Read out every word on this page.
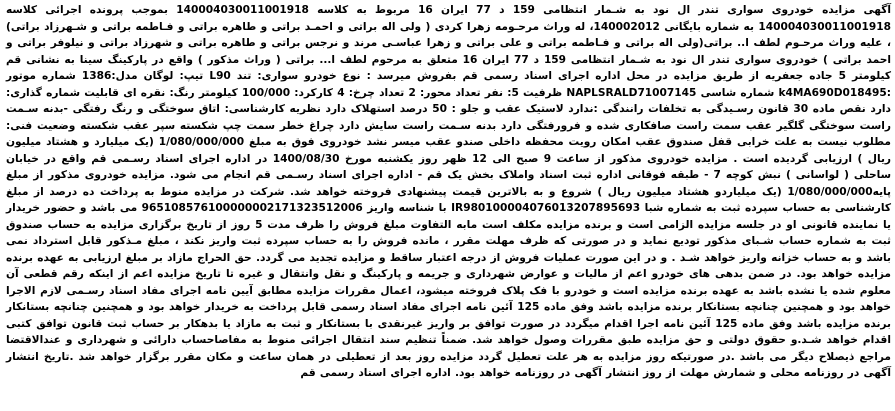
آگهی مزایده خودروی سواری تندر ال نود به شـمار انتظامی 159 د 77 ایران 16 مربوط به کلاسه 140004030011001918 بموجب پرونده اجرائی کلاسه 140004030011001918 به شماره بایگانی 140002012، له وراث مرحـومه زهرا کردی ( ولی اله براتی و احمـد براتی و طاهره براتی و فـاطمه براتی و شـهرزاد براتی) ، علیه وراث مرحـوم لطف ا.. براتی(ولی اله براتی و فـاطمه براتی و علی براتی و زهرا عباسـی مرند و نرجس براتی و طاهره براتی و شهرزاد براتی و نیلوفر براتی و احمد براتی ) خودروی سواری تندر ال نود به شـمار انتظامی 159 د 77 ایران 16 متعلق به مرحوم لطف ا... براتی ( وراث مذکور ) واقع در پارکینگ سینا به نشانی قم کیلومتر 5 جاده جعفریه از طریق مزایده در محل اداره اجرای اسناد رسمی قم بفروش میرسد : نوع خودرو سواری: تند L90 تیپ: لوگان مدل:1386 شماره موتور :k4MA690D018495 شماره شاسی NAPLSRALD71007145 ظرفیت 5: نفر تعداد محور: 2 تعداد چرخ: 4 کارکرد: 100/000 کیلومتر رنگ: نقره ای قابلیت شماره گذاری: دارد نقص ماده 30 قانون رسـیدگی به تخلفات رانندگی :ندارد لاستیک عقب و جلو : 50 درصد استهلاک دارد نظریه کارشناسی: اتاق سوختگی و رنگ رفتگی -بدنه سـمت راست سوختگی گلگیر عقب سمت راست صافکاری شده و فرورفتگی دارد بدنه سـمت راست سایش دارد چراغ خطر سمت چپ شکسته سپر عقب شکسته وضعیت فنی: مطلوب نیست به علت خرابی قفل صندوق عقب امکان رویت محفظه داخلی صندو عقب میسر نشد خودروی فوق به مبلغ 1/080/000/000 (یک میلیارد و هشتاد میلیون ریال ) ارزیابی گردیده است . مزایده خودروی مذکور از ساعت 9 صبح الی 12 ظهر روز یکشنبه مورخ 1400/08/30 در اداره اجرای اسناد رسـمی قم واقع در خیابان ساحلی ( لواسانی ) نبش کوچه 7 - طبقه فوقانی اداره ثبت اسناد واملاک بخش یک قم - اداره اجرای اسناد رسـمی قم انجام می شود. مزایده خودروی مذکور از مبلغ پایه1/080/000/000 (یک میلیاردو هشتاد میلیون ریال ) شروع و به بالاترین قیمت پیشنهادی فروخته خواهد شد. شرکت در مزایده منوط به پرداخت ده درصد از مبلغ کارشناسی به حساب سپرده ثبت به شماره شبا IR980100004076013207895693 با شناسه واریز 965108576100000002171323512006 می باشد و حضور خریدار یا نماینده قانونی او در جلسه مزایده الزامی است و برنده مزایده مکلف است مابه التفاوت مبلغ فروش را ظرف مدت 5 روز از تاریخ برگزاری مزایده به حساب صندوق ثبت به شماره حساب شـبای مذکور تودیع نماید و در صورتی که ظرف مهلت مقرر ، مانده فروش را به حساب سپرده ثبت واریز نکند ، مبلغ مـذکور قابل استرداد نمی باشد و به حساب خزانه واریز خواهد شـد . و در این صورت عملیات فروش از درجه اعتبار ساقط و مزایده تجدید می گردد. حق الحراج مازاد بر مبلغ ارزیابی به عهده برنده مزایده خواهد بود. در ضمن بدهی های خودرو اعم از مالیات و عوارض شهرداری و جریمه و پارکینگ و نقل وانتقال و غیره تا تاریخ مزایده اعم از اینکه رقم قطعی آن معلوم شده یا نشده باشد به عهده برنده مزایده است و خودرو با فک پلاک فروخته میشود، اعمال مقررات مزایده مطابق آیین نامه اجرای مفاد اسناد رسـمی لازم الاجرا خواهد بود و همچنین چنانچه بستانکار برنده مزایده باشد وفق ماده 125 آئین نامه اجرای مفاد اسناد رسمی قابل پرداخت به خریدار خواهد بود و همچنین چنانچه بستانکار برنده مزایده باشد وفق ماده 125 آئین نامه اجرا اقدام میگردد در صورت توافق بر واریز غیرنقدی با بستانکار و ثبت به مازاد یا بدهکار بر حساب ثبت قانون توافق کتبی اقدام خواهد شـد.و حقوق دولتی و حق مزایده طبق مقررات وصول خواهد شد. ضمناً تنظیم سند انتقال اجرائی منوط به مفاصاحساب دارائی و شهرداری و عندالاقتضا مراجع ذیصلاح دیگر می باشد .در صورتیکه روز مزایده به هر علت تعطیل گردد مزایده روز بعد از تعطیلی در همان ساعت و مکان مقرر برگزار خواهد شد .تاریخ انتشار آگهی در روزنامه محلی و شمارش مهلت از روز انتشار آگهی در روزنامه خواهد بود. اداره اجرای اسناد رسمی قم
